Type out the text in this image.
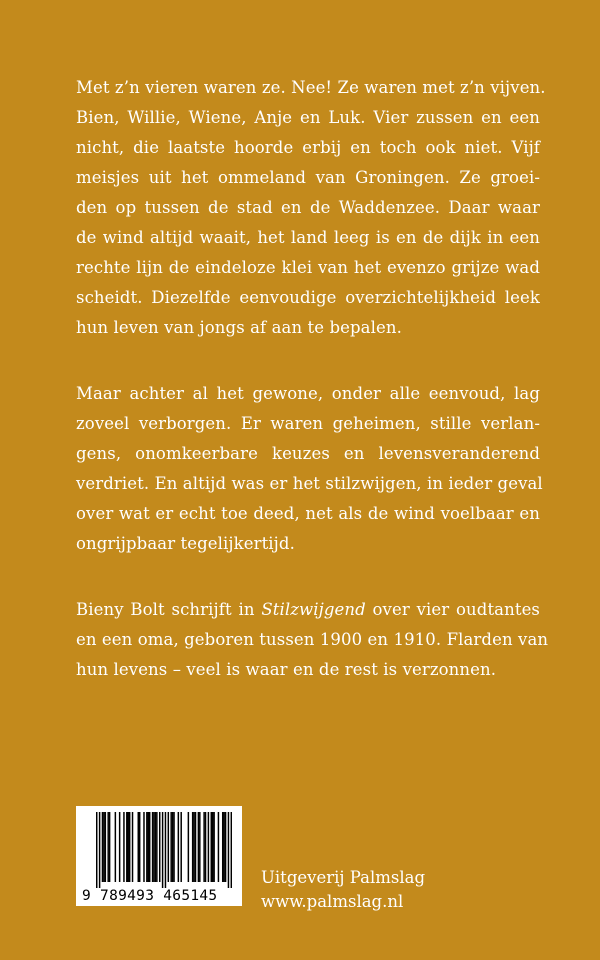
Met z’n vieren waren ze. Nee! Ze waren met z’n vijven.
Bien, Willie, Wiene, Anje en Luk. Vier zussen en een
nicht, die laatste hoorde erbij en toch ook niet. Vijf
meisjes uit het ommeland van Groningen. Ze groei-
den op tussen de stad en de Waddenzee. Daar waar
de wind altijd waait, het land leeg is en de dijk in een
rechte lijn de eindeloze klei van het evenzo grijze wad
scheidt. Diezelfde eenvoudige overzichtelijkheid leek
hun leven van jongs af aan te bepalen.
Maar achter al het gewone, onder alle eenvoud, lag
zoveel verborgen. Er waren geheimen, stille verlan-
gens, onomkeerbare keuzes en levensveranderend
verdriet. En altijd was er het stilzwijgen, in ieder geval
over wat er echt toe deed, net als de wind voelbaar en
ongrijpbaar tegelijkertijd.
Bieny Bolt schrijft in Stilzwijgend over vier oudtantes
en een oma, geboren tussen 1900 en 1910. Flarden van
hun levens – veel is waar en de rest is verzonnen.
9 789493 465145
Uitgeverij Palmslag
www.palmslag.nl
